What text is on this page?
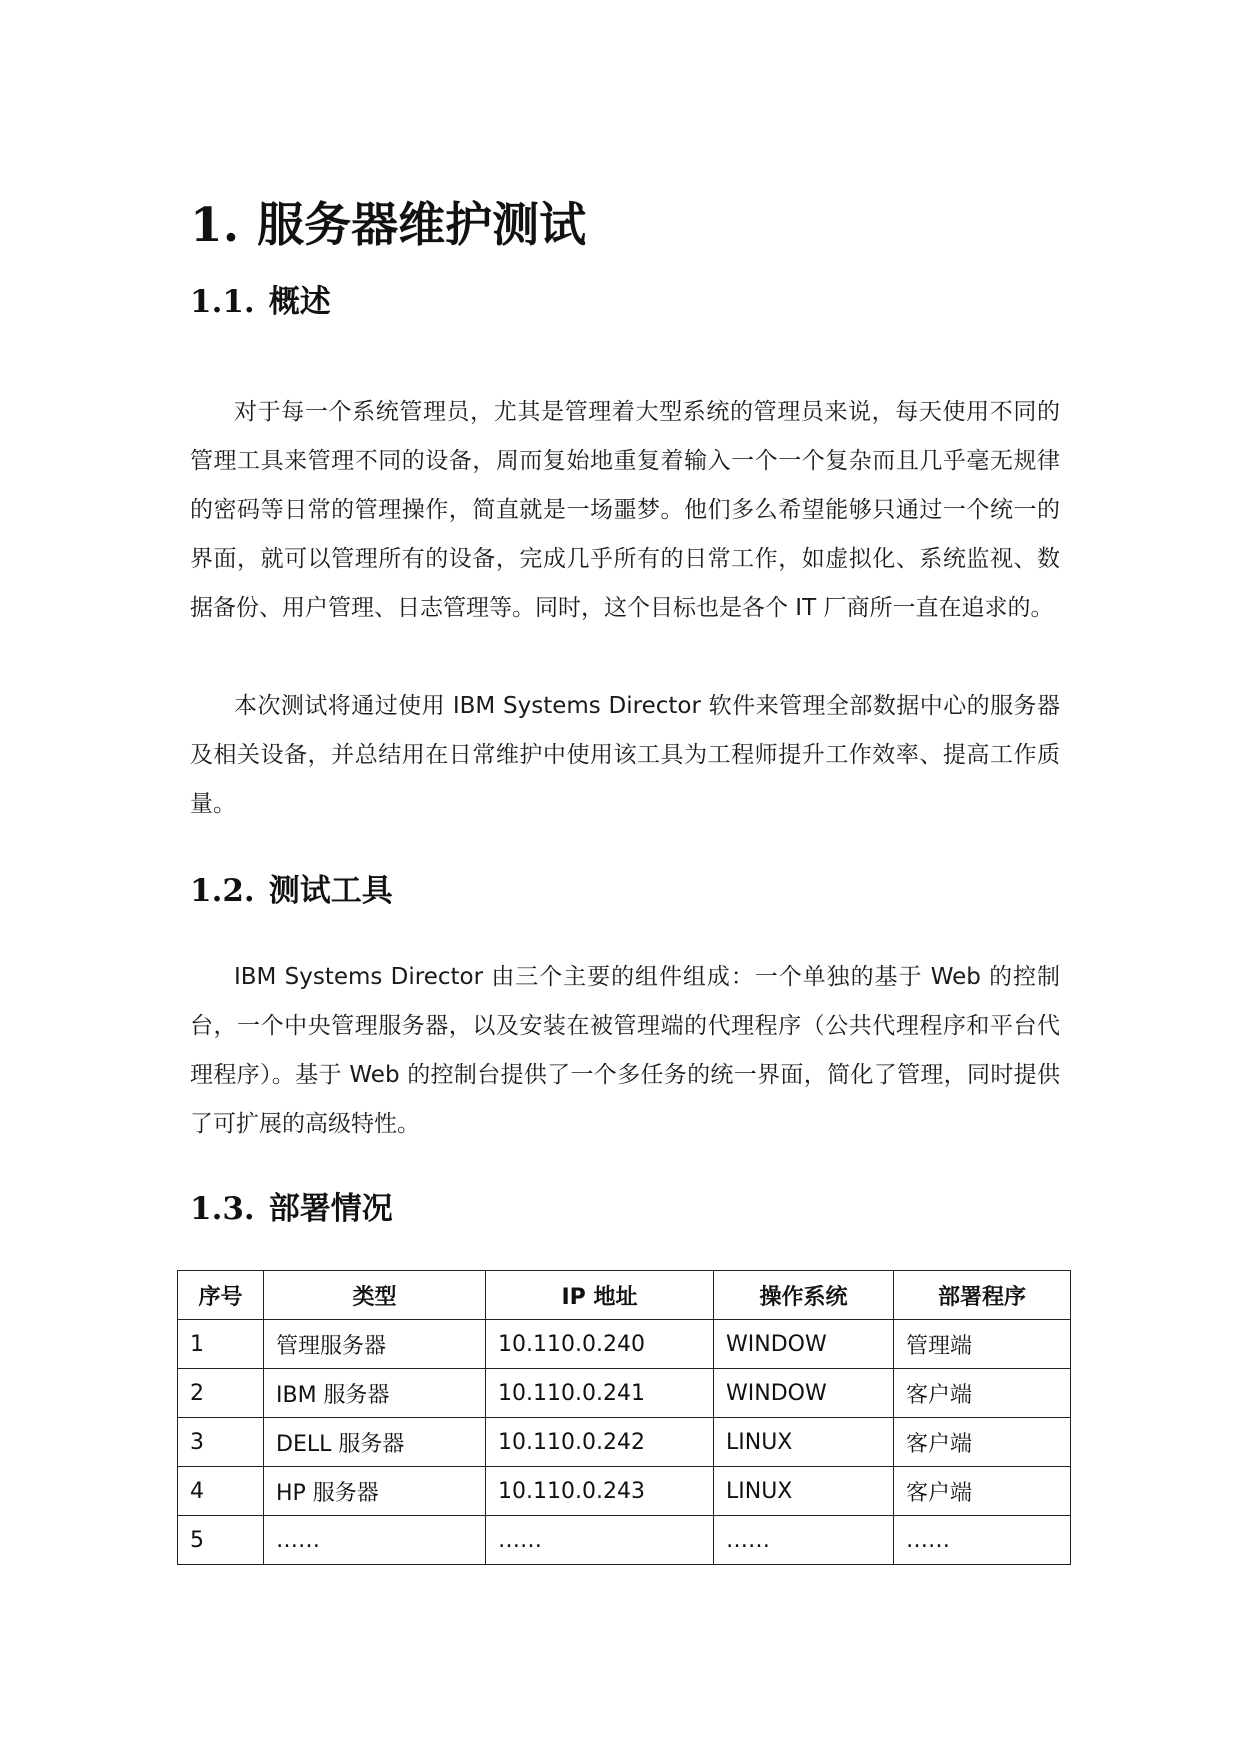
1. 服务器维护测试
1.1. 概述

对于每一个系统管理员，尤其是管理着大型系统的管理员来说，每天使用不同的管理工具来管理不同的设备，周而复始地重复着输入一个一个复杂而且几乎毫无规律的密码等日常的管理操作，简直就是一场噩梦。他们多么希望能够只通过一个统一的界面，就可以管理所有的设备，完成几乎所有的日常工作，如虚拟化、系统监视、数据备份、用户管理、日志管理等。同时，这个目标也是各个 IT 厂商所一直在追求的。

本次测试将通过使用 IBM Systems Director 软件来管理全部数据中心的服务器及相关设备，并总结用在日常维护中使用该工具为工程师提升工作效率、提高工作质量。

1.2. 测试工具

IBM Systems Director 由三个主要的组件组成：一个单独的基于 Web 的控制台，一个中央管理服务器，以及安装在被管理端的代理程序（公共代理程序和平台代理程序）。基于 Web 的控制台提供了一个多任务的统一界面，简化了管理，同时提供了可扩展的高级特性。

1.3. 部署情况
序号	类型	IP 地址	操作系统	部署程序
1	管理服务器	10.110.0.240	WINDOW	管理端
2	IBM 服务器	10.110.0.241	WINDOW	客户端
3	DELL 服务器	10.110.0.242	LINUX	客户端
4	HP 服务器	10.110.0.243	LINUX	客户端
5	……	……	……	……
